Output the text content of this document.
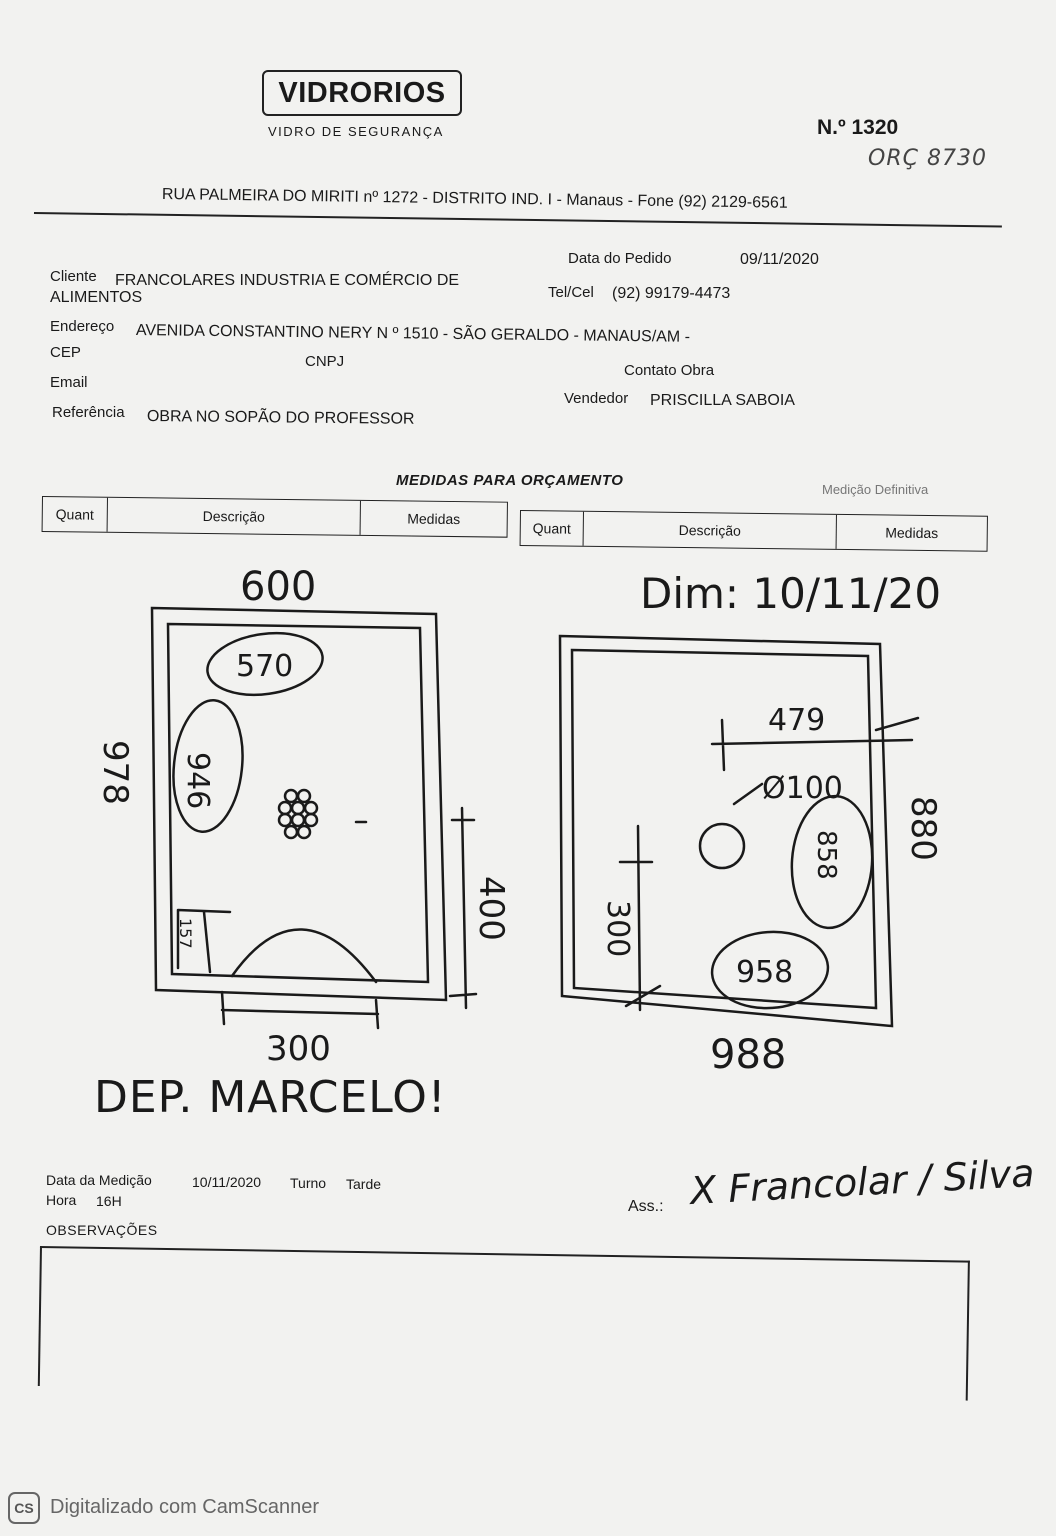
VIDRORIOS
VIDRO DE SEGURANÇA	N.º 1320
ORÇ 8730
RUA PALMEIRA DO MIRITI nº 1272 - DISTRITO IND. I - Manaus - Fone (92) 2129-6561
Data do Pedido	09/11/2020
Cliente FRANCOLARES INDUSTRIA E COMÉRCIO DE
ALIMENTOS	Tel/Cel (92) 99179-4473
Endereço AVENIDA CONSTANTINO NERY N º 1510 - SÃO GERALDO - MANAUS/AM -
CEP
CNPJ
Contato Obra
Email
Vendedor PRISCILLA SABOIA
Referência OBRA NO SOPÃO DO PROFESSOR
MEDIDAS PARA ORÇAMENTO
Medição Definitiva
Quant	Descrição	Medidas
Quant	Descrição	Medidas
600
570
946
978
400
157
300
DEP. MARCELO!
Dim: 10/11/20
479
Ø100
300
858 880
958
988
Data da Medição	10/11/2020 Turno Tarde
Hora 16H
OBSERVAÇÕES
Ass.: X Francolar / Silva
CS Digitalizado com CamScanner
